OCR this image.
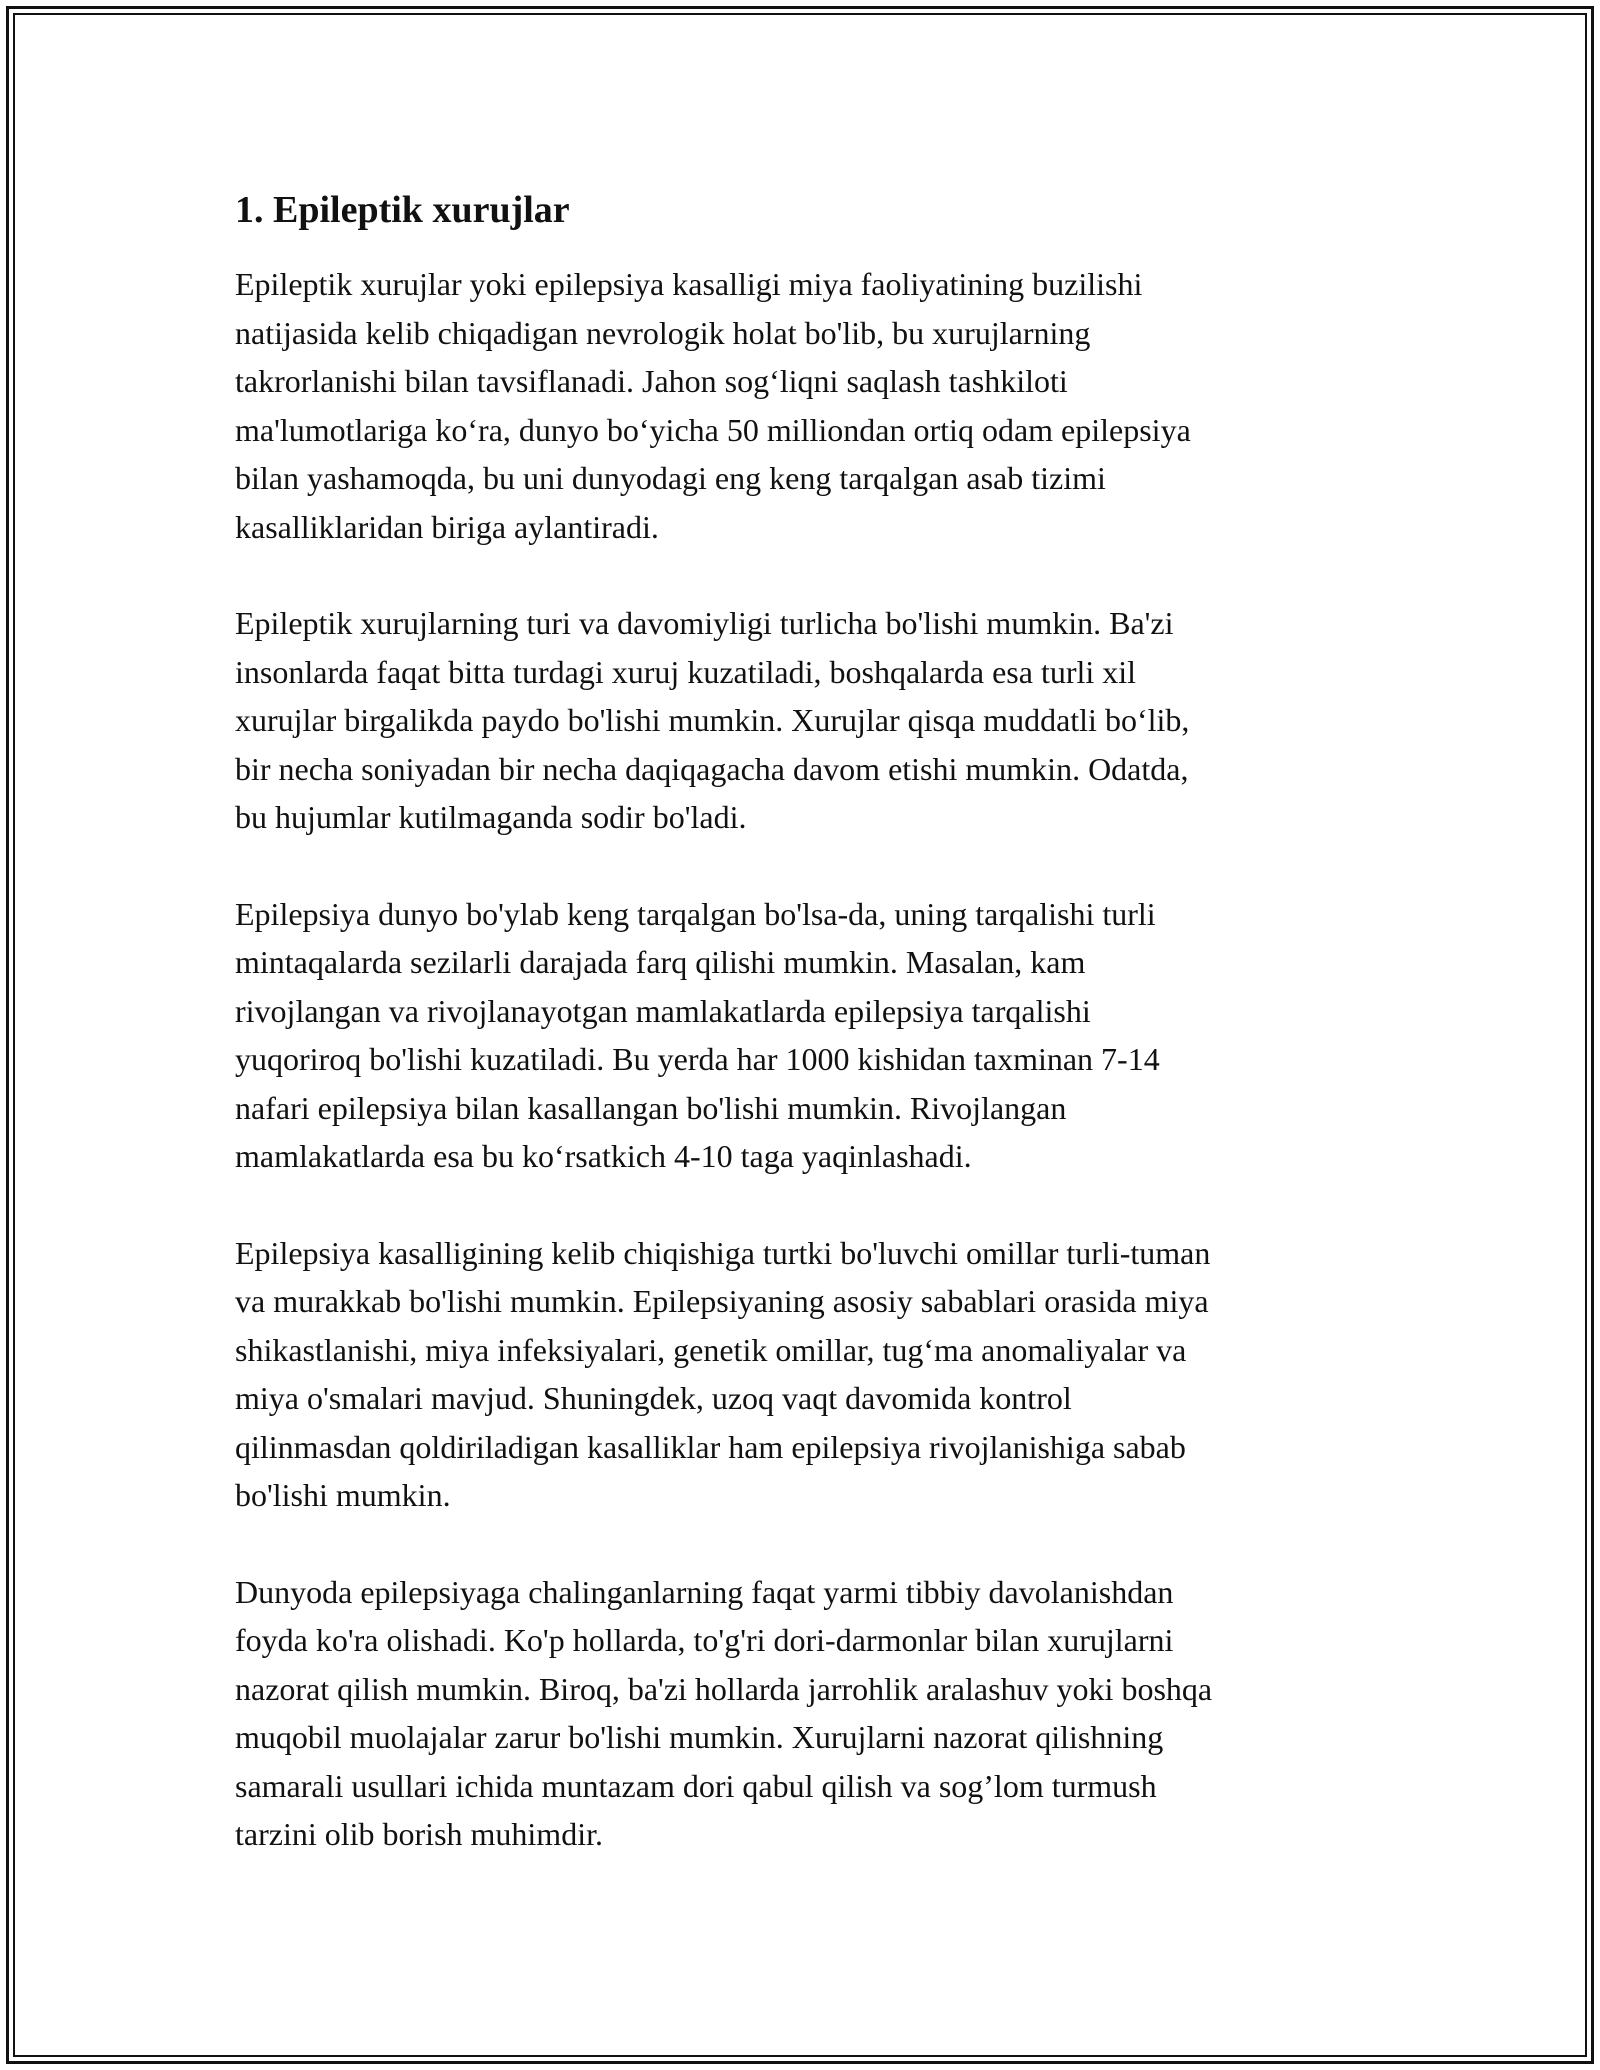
1. Epileptik xurujlar

Epileptik xurujlar yoki epilepsiya kasalligi miya faoliyatining buzilishi
natijasida kelib chiqadigan nevrologik holat bo'lib, bu xurujlarning
takrorlanishi bilan tavsiflanadi. Jahon sog‘liqni saqlash tashkiloti
ma'lumotlariga ko‘ra, dunyo bo‘yicha 50 milliondan ortiq odam epilepsiya
bilan yashamoqda, bu uni dunyodagi eng keng tarqalgan asab tizimi
kasalliklaridan biriga aylantiradi.

Epileptik xurujlarning turi va davomiyligi turlicha bo'lishi mumkin. Ba'zi
insonlarda faqat bitta turdagi xuruj kuzatiladi, boshqalarda esa turli xil
xurujlar birgalikda paydo bo'lishi mumkin. Xurujlar qisqa muddatli bo‘lib,
bir necha soniyadan bir necha daqiqagacha davom etishi mumkin. Odatda,
bu hujumlar kutilmaganda sodir bo'ladi.

Epilepsiya dunyo bo'ylab keng tarqalgan bo'lsa-da, uning tarqalishi turli
mintaqalarda sezilarli darajada farq qilishi mumkin. Masalan, kam
rivojlangan va rivojlanayotgan mamlakatlarda epilepsiya tarqalishi
yuqoriroq bo'lishi kuzatiladi. Bu yerda har 1000 kishidan taxminan 7-14
nafari epilepsiya bilan kasallangan bo'lishi mumkin. Rivojlangan
mamlakatlarda esa bu ko‘rsatkich 4-10 taga yaqinlashadi.

Epilepsiya kasalligining kelib chiqishiga turtki bo'luvchi omillar turli-tuman
va murakkab bo'lishi mumkin. Epilepsiyaning asosiy sabablari orasida miya
shikastlanishi, miya infeksiyalari, genetik omillar, tug‘ma anomaliyalar va
miya o'smalari mavjud. Shuningdek, uzoq vaqt davomida kontrol
qilinmasdan qoldiriladigan kasalliklar ham epilepsiya rivojlanishiga sabab
bo'lishi mumkin.

Dunyoda epilepsiyaga chalinganlarning faqat yarmi tibbiy davolanishdan
foyda ko'ra olishadi. Ko'p hollarda, to'g'ri dori-darmonlar bilan xurujlarni
nazorat qilish mumkin. Biroq, ba'zi hollarda jarrohlik aralashuv yoki boshqa
muqobil muolajalar zarur bo'lishi mumkin. Xurujlarni nazorat qilishning
samarali usullari ichida muntazam dori qabul qilish va sog’lom turmush
tarzini olib borish muhimdir.
